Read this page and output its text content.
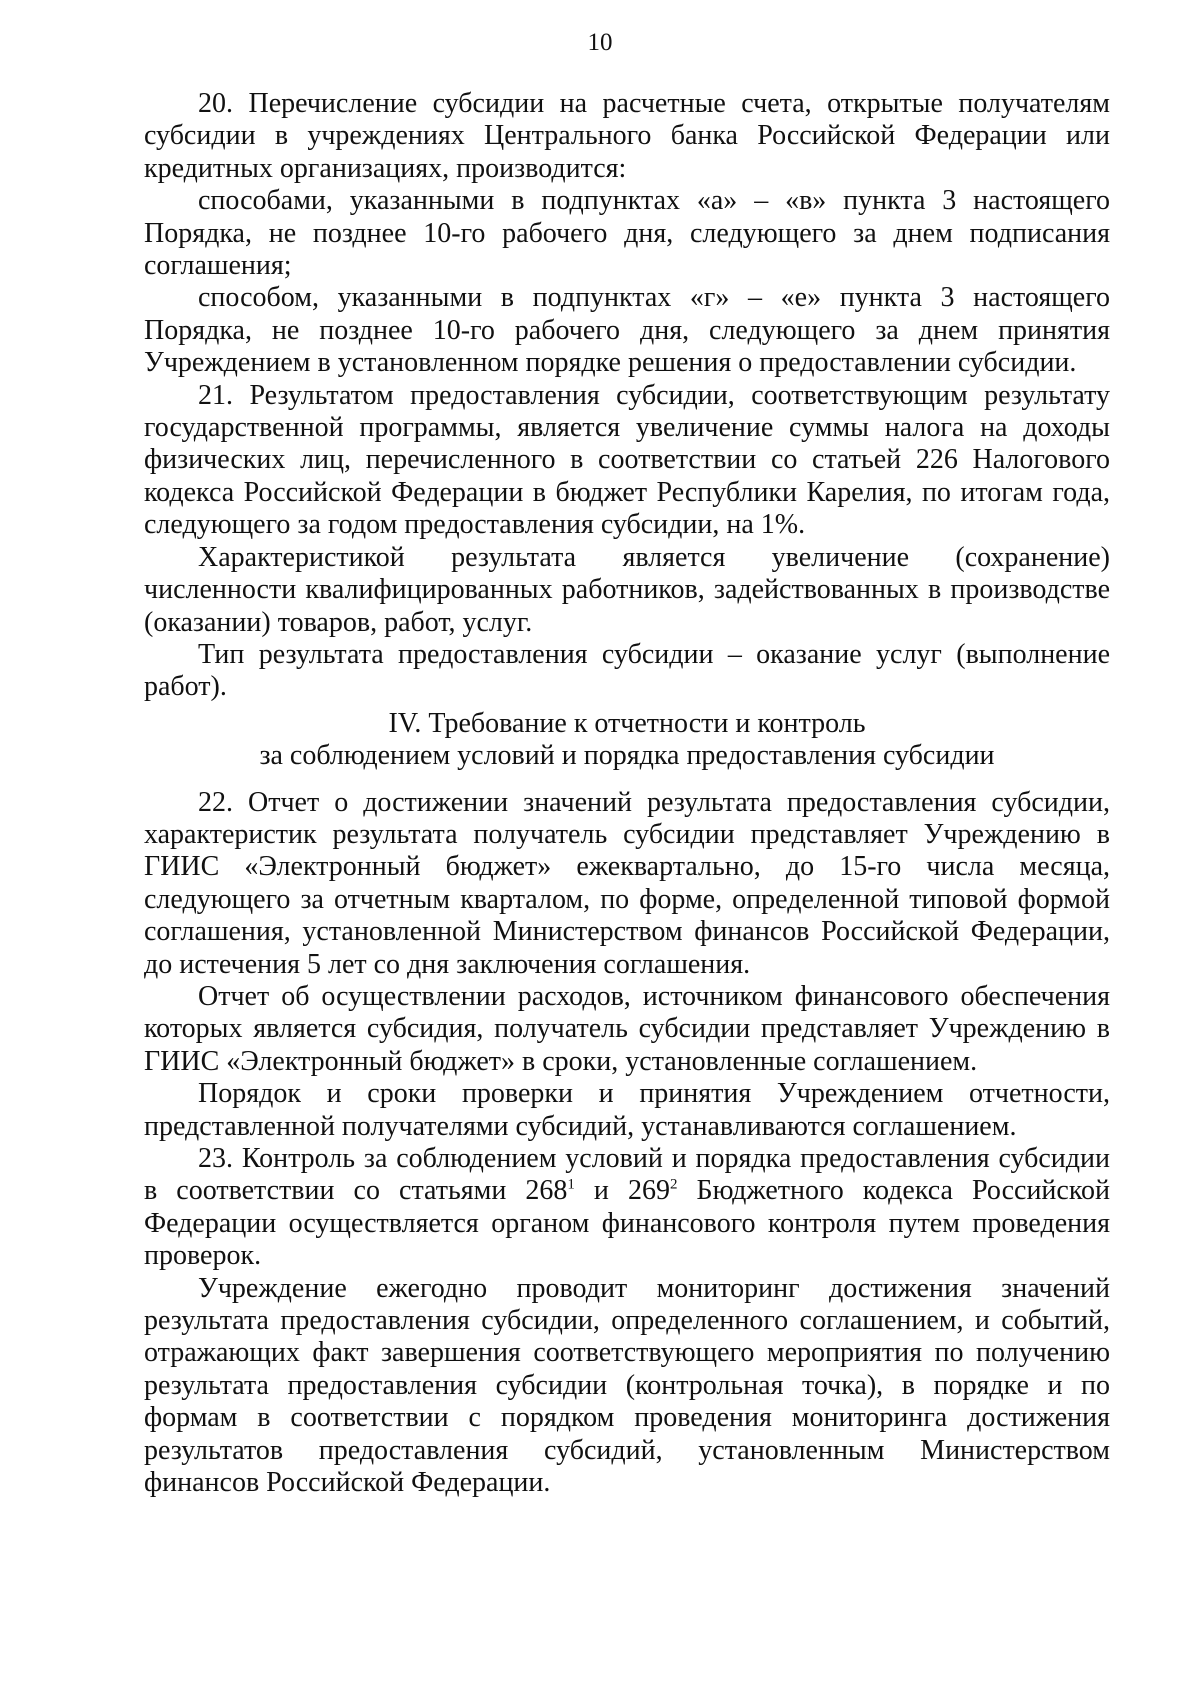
10

20. Перечисление субсидии на расчетные счета, открытые получателям субсидии в учреждениях Центрального банка Российской Федерации или кредитных организациях, производится:

способами, указанными в подпунктах «а» – «в» пункта 3 настоящего Порядка, не позднее 10-го рабочего дня, следующего за днем подписания соглашения;

способом, указанными в подпунктах «г» – «е» пункта 3 настоящего Порядка, не позднее 10-го рабочего дня, следующего за днем принятия Учреждением в установленном порядке решения о предоставлении субсидии.

21. Результатом предоставления субсидии, соответствующим результату государственной программы, является увеличение суммы налога на доходы физических лиц, перечисленного в соответствии со статьей 226 Налогового кодекса Российской Федерации в бюджет Республики Карелия, по итогам года, следующего за годом предоставления субсидии, на 1%.

Характеристикой результата является увеличение (сохранение) численности квалифицированных работников, задействованных в производстве (оказании) товаров, работ, услуг.

Тип результата предоставления субсидии – оказание услуг (выполнение работ).

IV. Требование к отчетности и контроль
за соблюдением условий и порядка предоставления субсидии

22. Отчет о достижении значений результата предоставления субсидии, характеристик результата получатель субсидии представляет Учреждению в ГИИС «Электронный бюджет» ежеквартально, до 15-го числа месяца, следующего за отчетным кварталом, по форме, определенной типовой формой соглашения, установленной Министерством финансов Российской Федерации, до истечения 5 лет со дня заключения соглашения.

Отчет об осуществлении расходов, источником финансового обеспечения которых является субсидия, получатель субсидии представляет Учреждению в ГИИС «Электронный бюджет» в сроки, установленные соглашением.

Порядок и сроки проверки и принятия Учреждением отчетности, представленной получателями субсидий, устанавливаются соглашением.

23. Контроль за соблюдением условий и порядка предоставления субсидии в соответствии со статьями $268^1$ и $269^2$ Бюджетного кодекса Российской Федерации осуществляется органом финансового контроля путем проведения проверок.

Учреждение ежегодно проводит мониторинг достижения значений результата предоставления субсидии, определенного соглашением, и событий, отражающих факт завершения соответствующего мероприятия по получению результата предоставления субсидии (контрольная точка), в порядке и по формам в соответствии с порядком проведения мониторинга достижения результатов предоставления субсидий, установленным Министерством финансов Российской Федерации.
